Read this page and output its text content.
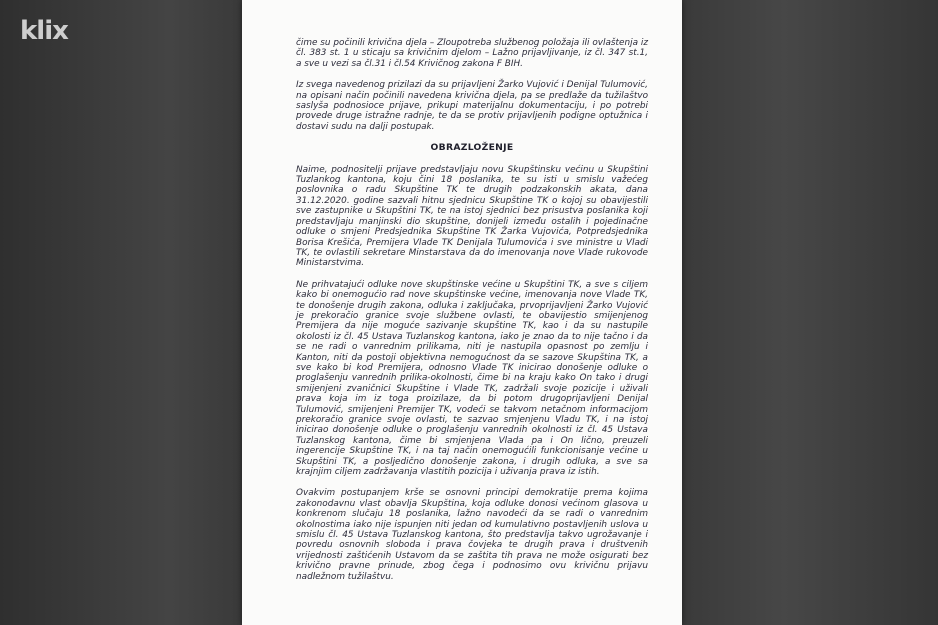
klix	čime su počinili krivična djela – Zloupotreba službenog položaja ili ovlaštenja iz čl. 383 st. 1 u sticaju sa krivičnim djelom – Lažno prijavljivanje, iz čl. 347 st.1, a sve u vezi sa čl.31 i čl.54 Krivičnog zakona F BIH.

Iz svega navedenog prizilazi da su prijavljeni Žarko Vujović i Denijal Tulumović, na opisani način počinili navedena krivična djela, pa se predlaže da tužilaštvo saslуša podnosioce prijave, prikupi materijalnu dokumentaciju, i po potrebi provede druge istražne radnje, te da se protiv prijavljenih podigne optužnica i dostavi sudu na dalji postupak.

OBRAZLOŽENJE

Naime, podnositelji prijave predstavljaju novu Skupštinsku većinu u Skupštini Tuzlankog kantona, koju čini 18 poslanika, te su isti u smislu važećeg poslovnika o radu Skupštine TK te drugih podzakonskih akata, dana 31.12.2020. godine sazvali hitnu sjednicu Skupštine TK o kojoj su obavijestili sve zastupnike u Skupštini TK, te na istoj sjednici bez prisustva poslanika koji predstavljaju manjinski dio skupštine, donijeli između ostalih i pojedinačne odluke o smjeni Predsjednika Skupštine TK Žarka Vujovića, Potpredsjednika Borisa Krešića, Premijera Vlade TK Denijala Tulumovića i sve ministre u Vladi TK, te ovlastili sekretare Minstarstava da do imenovanja nove Vlade rukovode Ministarstvima.

Ne prihvatajući odluke nove skupštinske većine u Skupštini TK, a sve s ciljem kako bi onemogućio rad nove skupštinske većine, imenovanja nove Vlade TK, te donošenje drugih zakona, odluka i zaključaka, prvoprijavljeni Žarko Vujović je prekoračio granice svoje službene ovlasti, te obavijestio smijenjenog Premijera da nije moguće sazivanje skupštine TK, kao i da su nastupile okolosti iz čl. 45 Ustava Tuzlanskog kantona, iako je znao da to nije tačno i da se ne radi o vanrednim prilikama, niti je nastupila opasnost po zemlju i Kanton, niti da postoji objektivna nemogućnost da se sazove Skupština TK, a sve kako bi kod Premijera, odnosno Vlade TK inicirao donošenje odluke o proglašenju vanrednih prilika-okolnosti, čime bi na kraju kako On tako i drugi smijenjeni zvaničnici Skupštine i Vlade TK, zadržali svoje pozicije i uživali prava koja im iz toga proizilaze, da bi potom drugoprijavljeni Denijal Tulumović, smijenjeni Premijer TK, vodeći se takvom netačnom informacijom prekoračio granice svoje ovlasti, te sazvao smjenjenu Vladu TK, i na istoj inicirao donošenje odluke o proglašenju vanrednih okolnosti iz čl. 45 Ustava Tuzlanskog kantona, čime bi smjenjena Vlada pa i On lično, preuzeli ingerencije Skupštine TK, i na taj način onemogućili funkcionisanje većine u Skupštini TK, a posljedično donošenje zakona, i drugih odluka, a sve sa krajnjim ciljem zadržavanja vlastitih pozicija i uživanja prava iz istih.

Ovakvim postupanjem krše se osnovni principi demokratije prema kojima zakonodavnu vlast obavlja Skupština, koja odluke donosi većinom glasova u konkrenom slučaju 18 poslanika, lažno navodeći da se radi o vanrednim okolnostima iako nije ispunjen niti jedan od kumulativno postavljenih uslova u smislu čl. 45 Ustava Tuzlanskog kantona, što predstavlja takvo ugrožavanje i povredu osnovnih sloboda i prava čovjeka te drugih prava i društvenih vrijednosti zaštićenih Ustavom da se zaštita tih prava ne može osigurati bez krivično pravne prinude, zbog čega i podnosimo ovu krivičnu prijavu nadležnom tužilaštvu.
